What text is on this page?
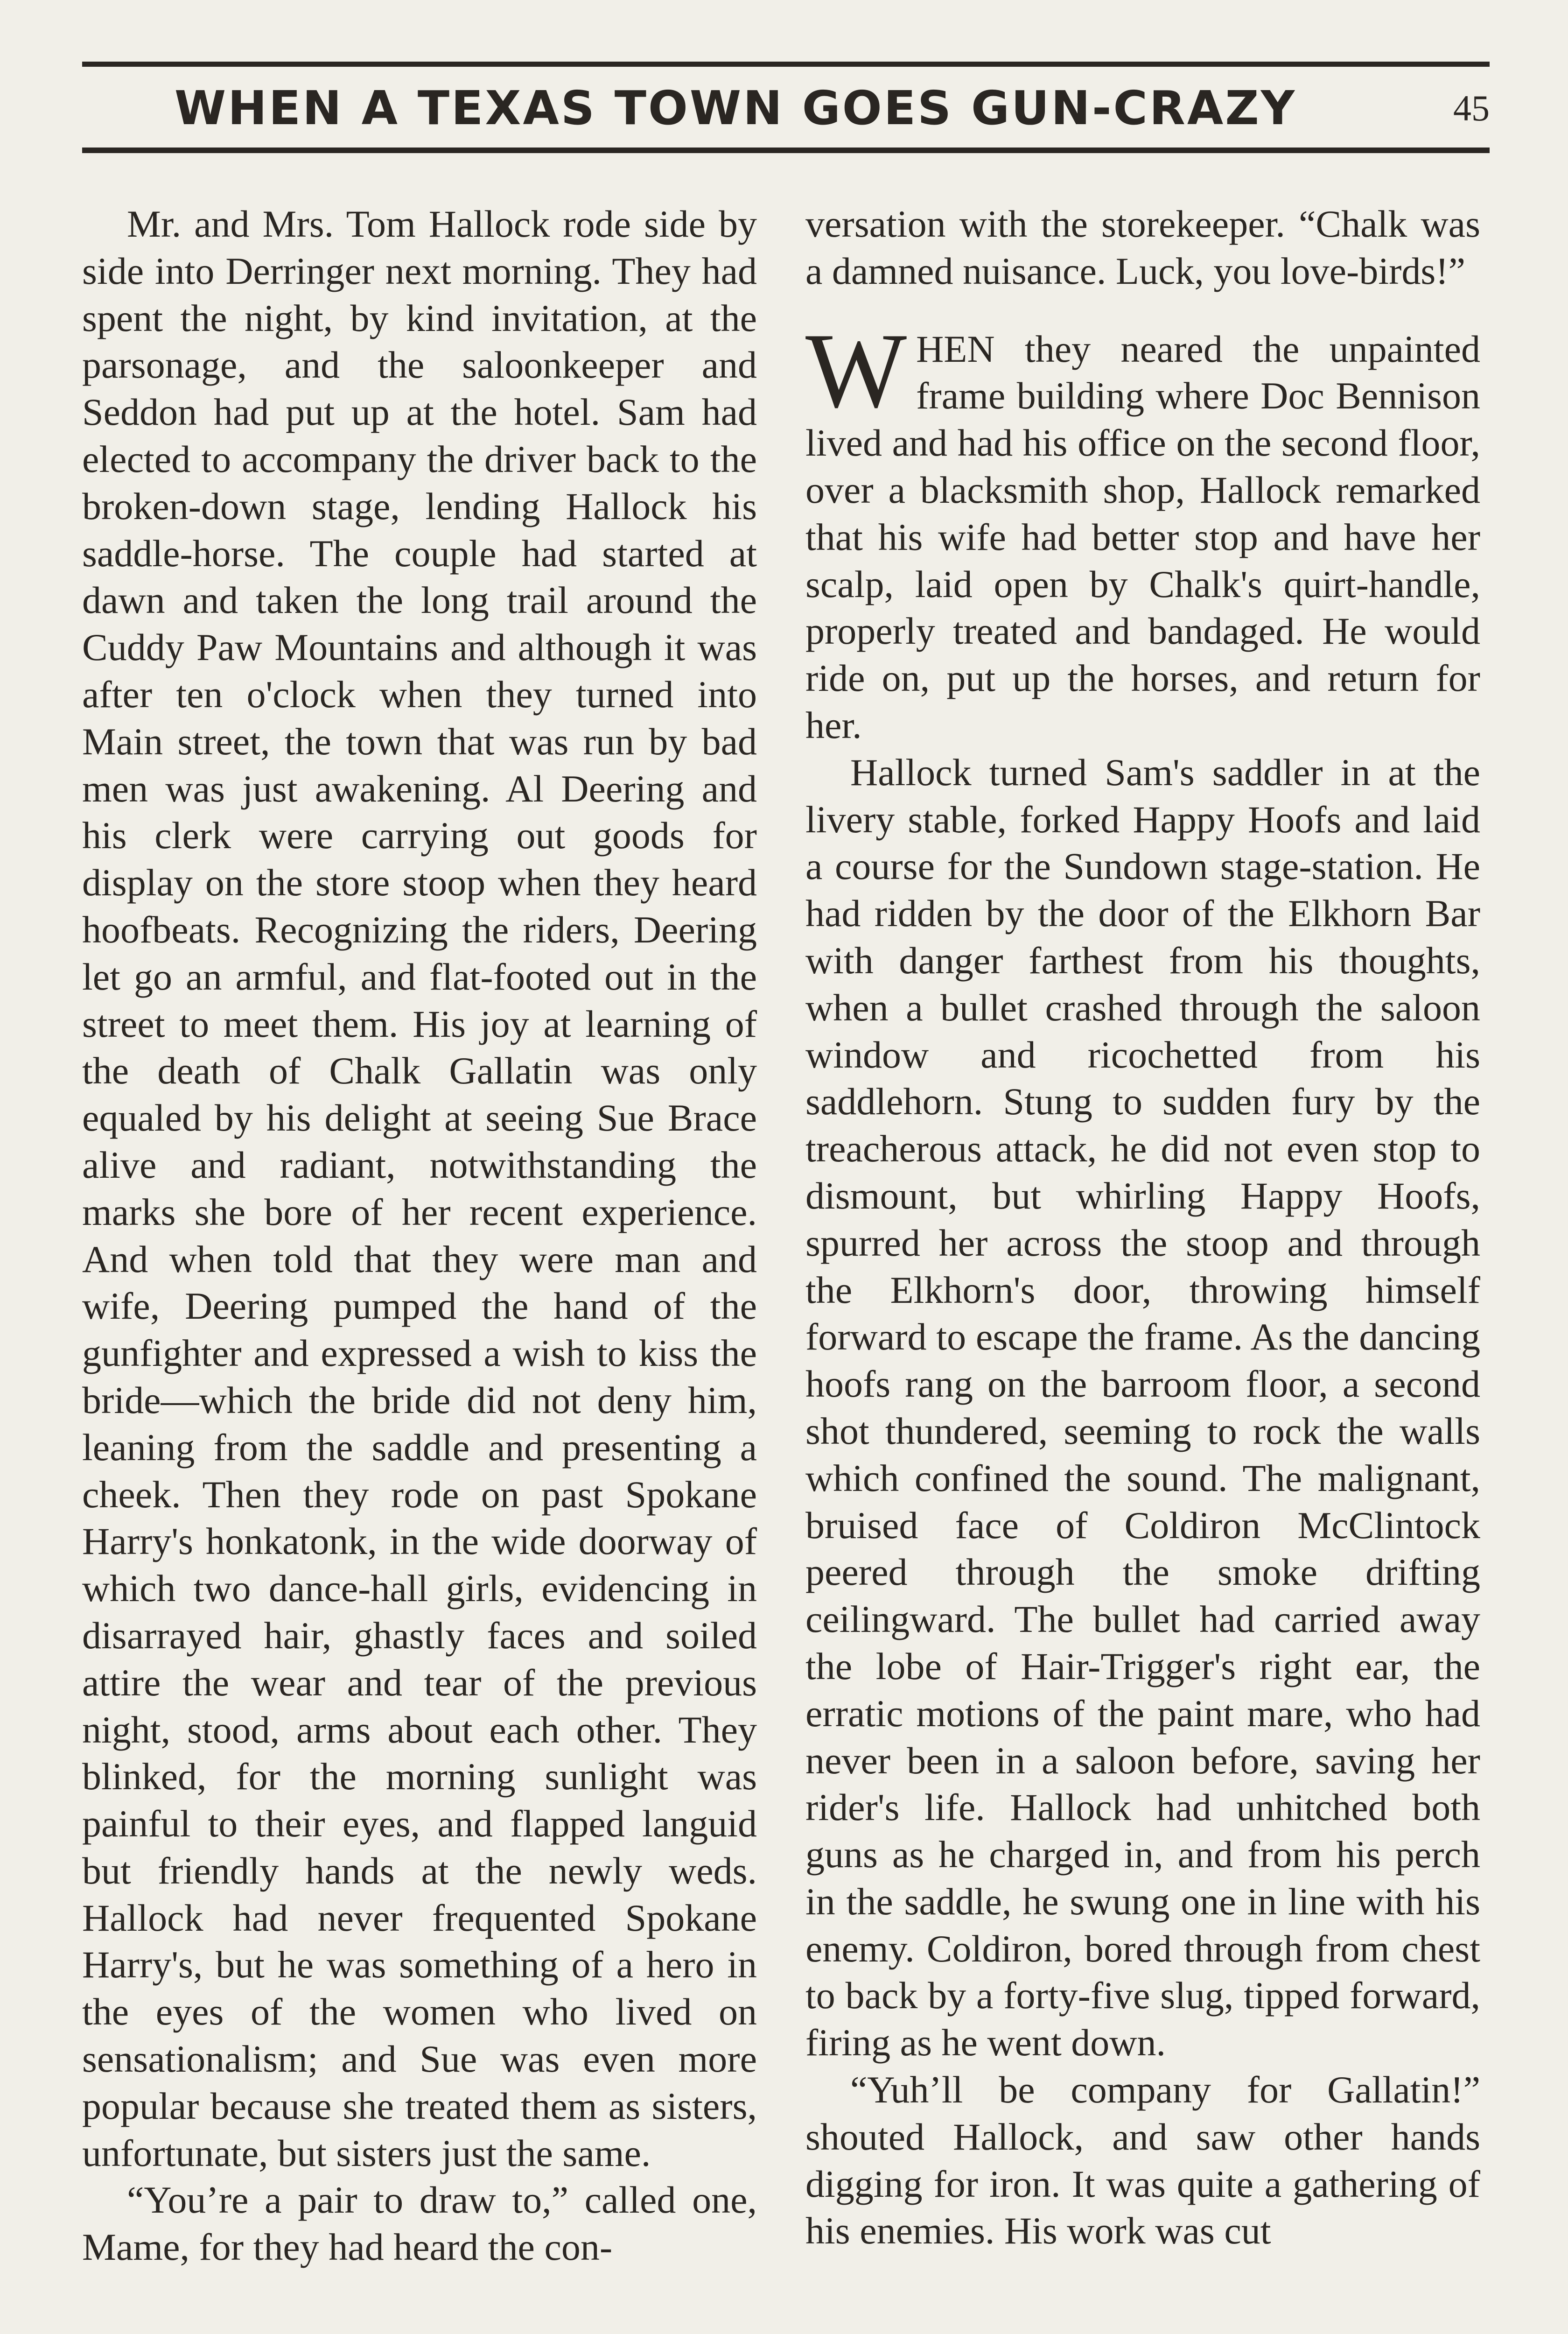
WHEN A TEXAS TOWN GOES GUN-CRAZY	45

Mr. and Mrs. Tom Hallock rode side by side into Derringer next morning. They had spent the night, by kind invitation, at the parsonage, and the saloonkeeper and Seddon had put up at the hotel. Sam had elected to accompany the driver back to the broken-down stage, lending Hallock his saddle-horse. The couple had started at dawn and taken the long trail around the Cuddy Paw Mountains and although it was after ten o'clock when they turned into Main street, the town that was run by bad men was just awakening. Al Deering and his clerk were carrying out goods for display on the store stoop when they heard hoofbeats. Recognizing the riders, Deering let go an armful, and flat-footed out in the street to meet them. His joy at learning of the death of Chalk Gallatin was only equaled by his delight at seeing Sue Brace alive and radiant, notwithstanding the marks she bore of her recent experience. And when told that they were man and wife, Deering pumped the hand of the gunfighter and expressed a wish to kiss the bride—which the bride did not deny him, leaning from the saddle and presenting a cheek. Then they rode on past Spokane Harry's honkatonk, in the wide doorway of which two dance-hall girls, evidencing in disarrayed hair, ghastly faces and soiled attire the wear and tear of the previous night, stood, arms about each other. They blinked, for the morning sunlight was painful to their eyes, and flapped languid but friendly hands at the newly weds. Hallock had never frequented Spokane Harry's, but he was something of a hero in the eyes of the women who lived on sensationalism; and Sue was even more popular because she treated them as sisters, unfortunate, but sisters just the same.

“You’re a pair to draw to,” called one, Mame, for they had heard the con-

versation with the storekeeper. “Chalk was a damned nuisance. Luck, you love-birds!”

WHEN they neared the unpainted frame building where Doc Bennison lived and had his office on the second floor, over a blacksmith shop, Hallock remarked that his wife had better stop and have her scalp, laid open by Chalk's quirt-handle, properly treated and bandaged. He would ride on, put up the horses, and return for her.

Hallock turned Sam's saddler in at the livery stable, forked Happy Hoofs and laid a course for the Sundown stage-station. He had ridden by the door of the Elkhorn Bar with danger farthest from his thoughts, when a bullet crashed through the saloon window and ricochetted from his saddlehorn. Stung to sudden fury by the treacherous attack, he did not even stop to dismount, but whirling Happy Hoofs, spurred her across the stoop and through the Elkhorn's door, throwing himself forward to escape the frame. As the dancing hoofs rang on the barroom floor, a second shot thundered, seeming to rock the walls which confined the sound. The malignant, bruised face of Coldiron McClintock peered through the smoke drifting ceilingward. The bullet had carried away the lobe of Hair-Trigger's right ear, the erratic motions of the paint mare, who had never been in a saloon before, saving her rider's life. Hallock had unhitched both guns as he charged in, and from his perch in the saddle, he swung one in line with his enemy. Coldiron, bored through from chest to back by a forty-five slug, tipped forward, firing as he went down.

“Yuh’ll be company for Gallatin!” shouted Hallock, and saw other hands digging for iron. It was quite a gathering of his enemies. His work was cut
